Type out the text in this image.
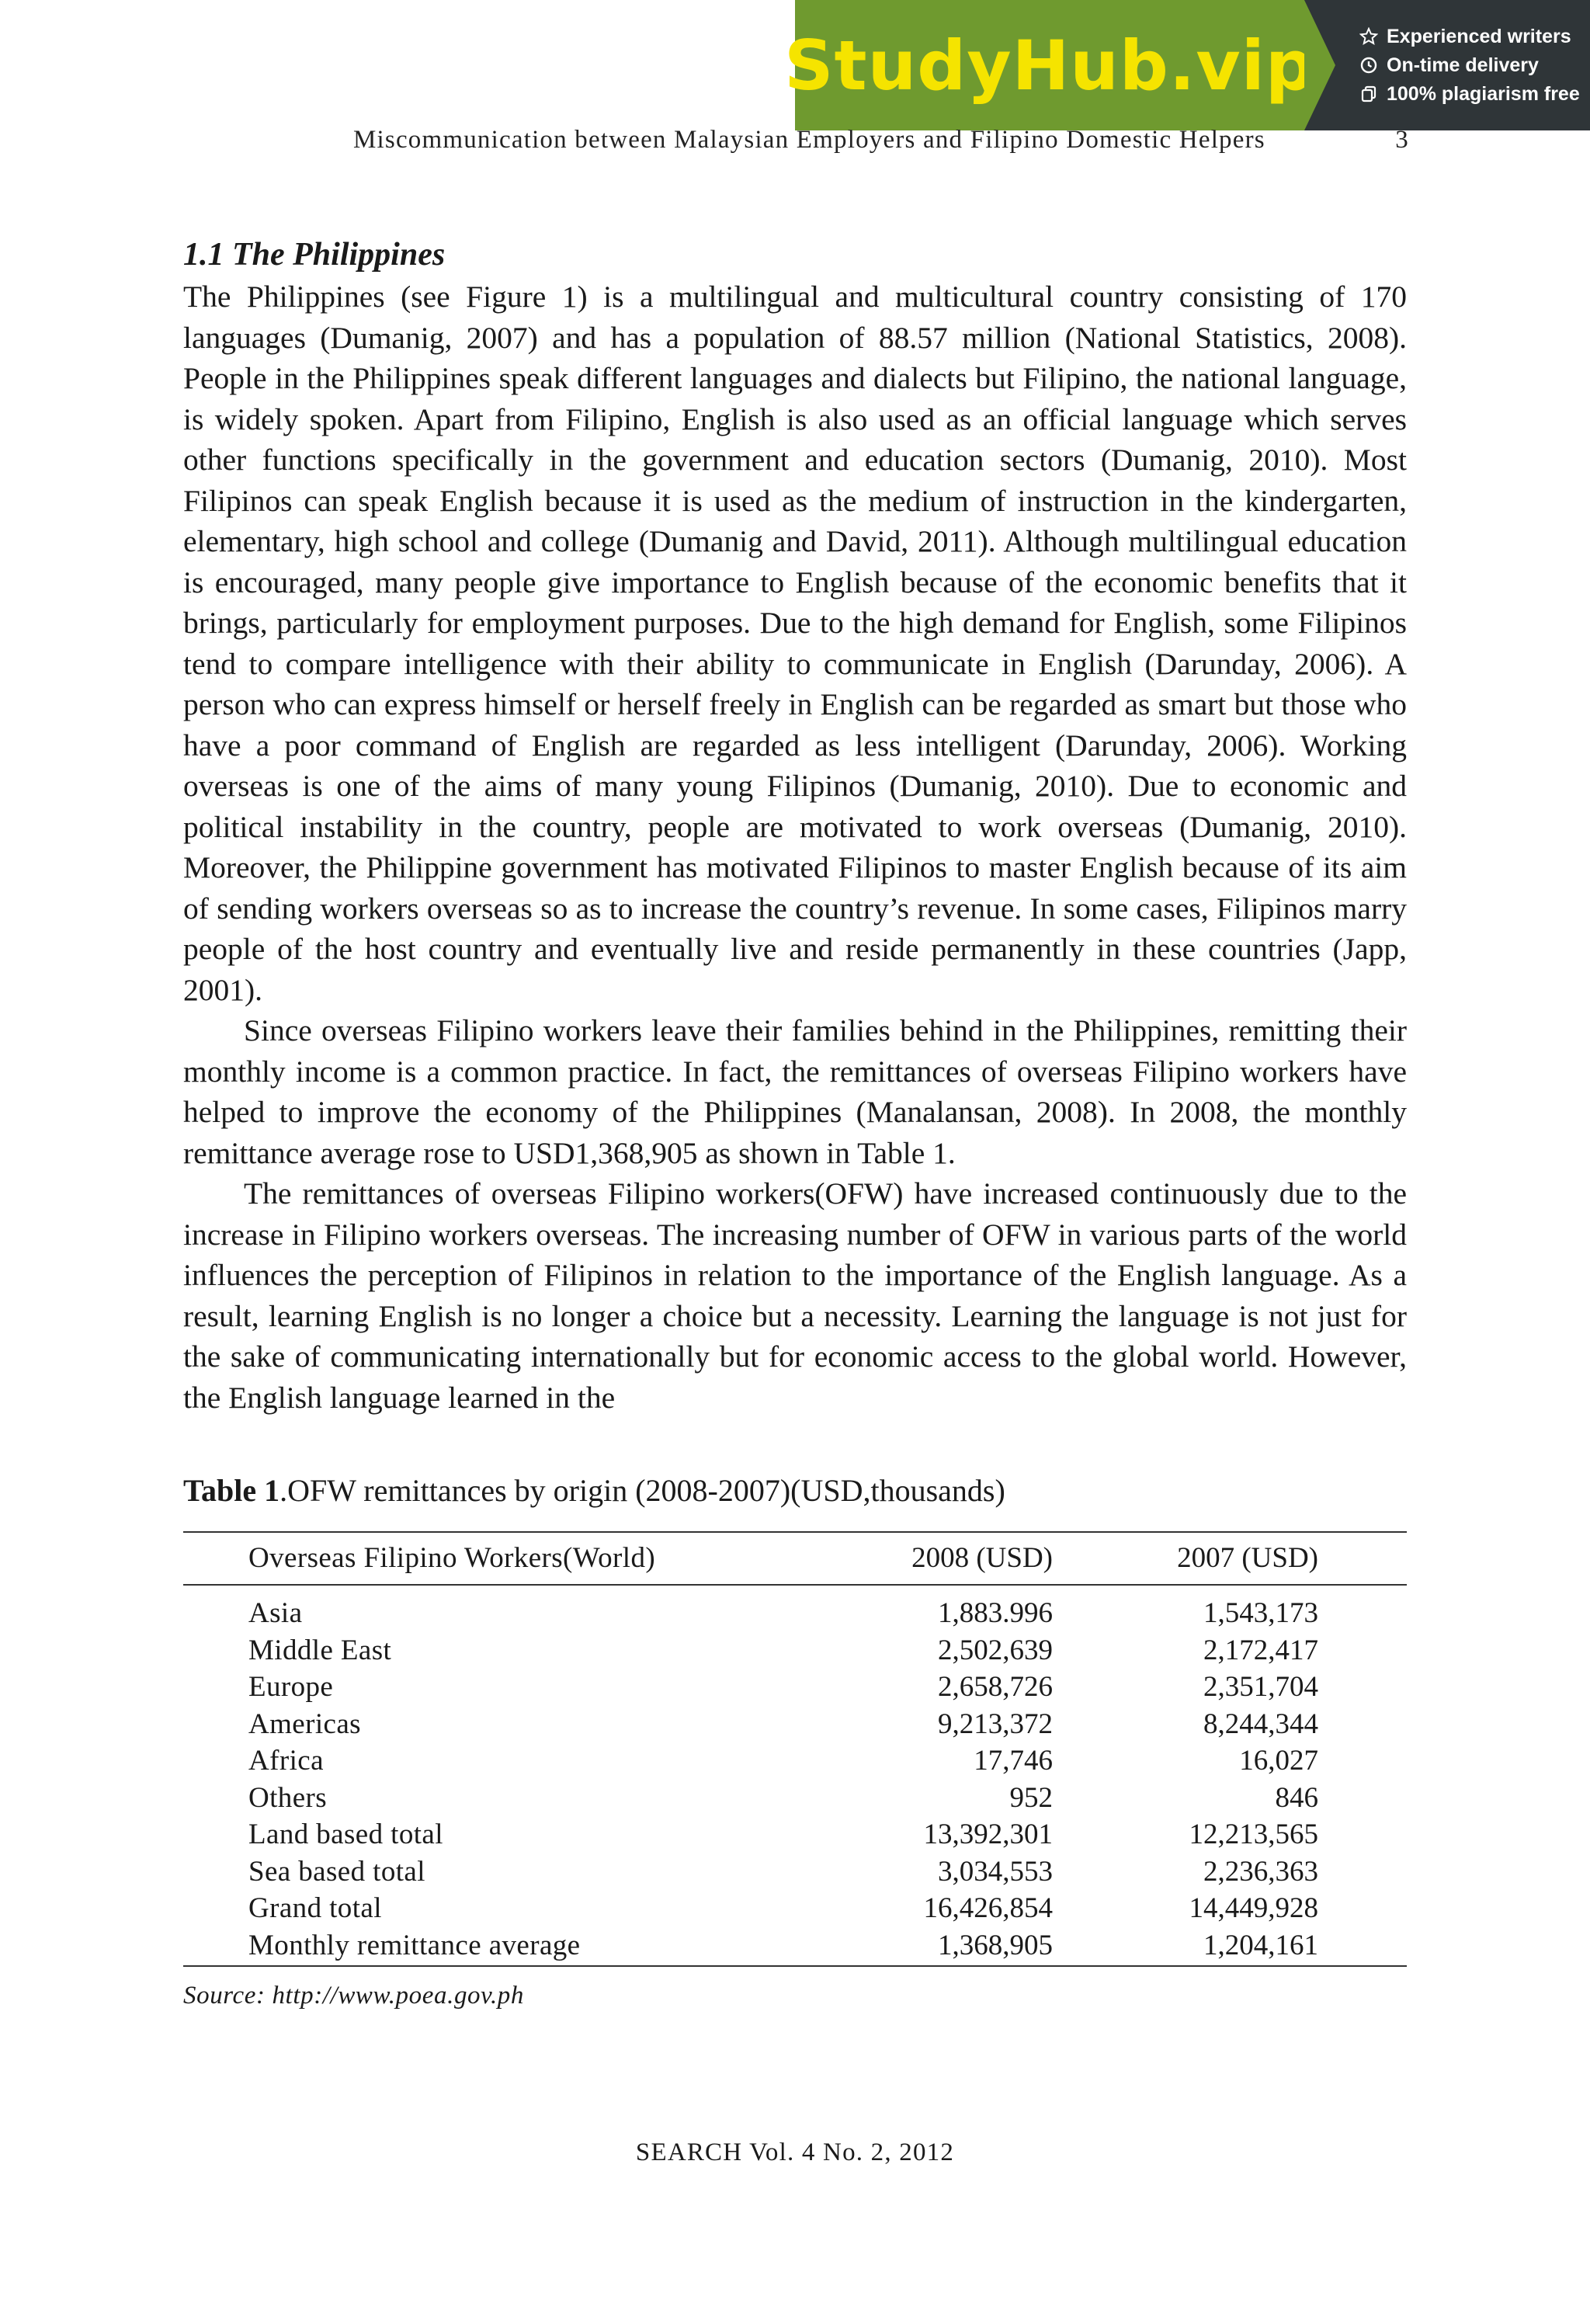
StudyHub.vip	Experienced writers
On-time delivery
100% plagiarism free
Miscommunication between Malaysian Employers and Filipino Domestic Helpers	3
1.1 The Philippines

The Philippines (see Figure 1) is a multilingual and multicultural country consisting of 170 languages (Dumanig, 2007) and has a population of 88.57 million (National Statistics, 2008). People in the Philippines speak different languages and dialects but Filipino, the national language, is widely spoken. Apart from Filipino, English is also used as an official language which serves other functions specifically in the government and education sectors (Dumanig, 2010). Most Filipinos can speak English because it is used as the medium of instruction in the kindergarten, elementary, high school and college (Dumanig and David, 2011). Although multilingual education is encouraged, many people give importance to English because of the economic benefits that it brings, particularly for employment purposes. Due to the high demand for English, some Filipinos tend to compare intelligence with their ability to communicate in English (Darunday, 2006). A person who can express himself or herself freely in English can be regarded as smart but those who have a poor command of English are regarded as less intelligent (Darunday, 2006). Working overseas is one of the aims of many young Filipinos (Dumanig, 2010). Due to economic and political instability in the country, people are motivated to work overseas (Dumanig, 2010). Moreover, the Philippine government has motivated Filipinos to master English because of its aim of sending workers overseas so as to increase the country’s revenue. In some cases, Filipinos marry people of the host country and eventually live and reside permanently in these countries (Japp, 2001).

Since overseas Filipino workers leave their families behind in the Philippines, remitting their monthly income is a common practice. In fact, the remittances of overseas Filipino workers have helped to improve the economy of the Philippines (Manalansan, 2008). In 2008, the monthly remittance average rose to USD1,368,905 as shown in Table 1.

The remittances of overseas Filipino workers(OFW) have increased continuously due to the increase in Filipino workers overseas. The increasing number of OFW in various parts of the world influences the perception of Filipinos in relation to the importance of the English language. As a result, learning English is no longer a choice but a necessity. Learning the language is not just for the sake of communicating internationally but for economic access to the global world. However, the English language learned in the

Table 1.OFW remittances by origin (2008-2007)(USD,thousands)
Overseas Filipino Workers(World)	2008 (USD)	2007 (USD)
Asia	1,883.996	1,543,173
Middle East	2,502,639	2,172,417
Europe	2,658,726	2,351,704
Americas	9,213,372	8,244,344
Africa	17,746	16,027
Others	952	846
Land based total	13,392,301	12,213,565
Sea based total	3,034,553	2,236,363
Grand total	16,426,854	14,449,928
Monthly remittance average	1,368,905	1,204,161
Source: http://www.poea.gov.ph
SEARCH Vol. 4 No. 2, 2012
